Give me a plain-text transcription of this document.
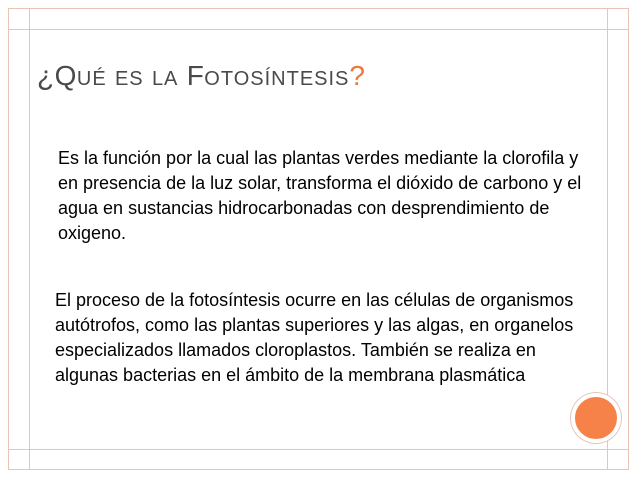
¿QUÉ ES LA FOTOSÍNTESIS?

Es la función por la cual las plantas verdes mediante la clorofila y en presencia de la luz solar, transforma el dióxido de carbono y el agua en sustancias hidrocarbonadas con desprendimiento de oxigeno.

El proceso de la fotosíntesis ocurre en las células de organismos autótrofos, como las plantas superiores y las algas, en organelos especializados llamados cloroplastos. También se realiza en algunas bacterias en el ámbito de la membrana plasmática
